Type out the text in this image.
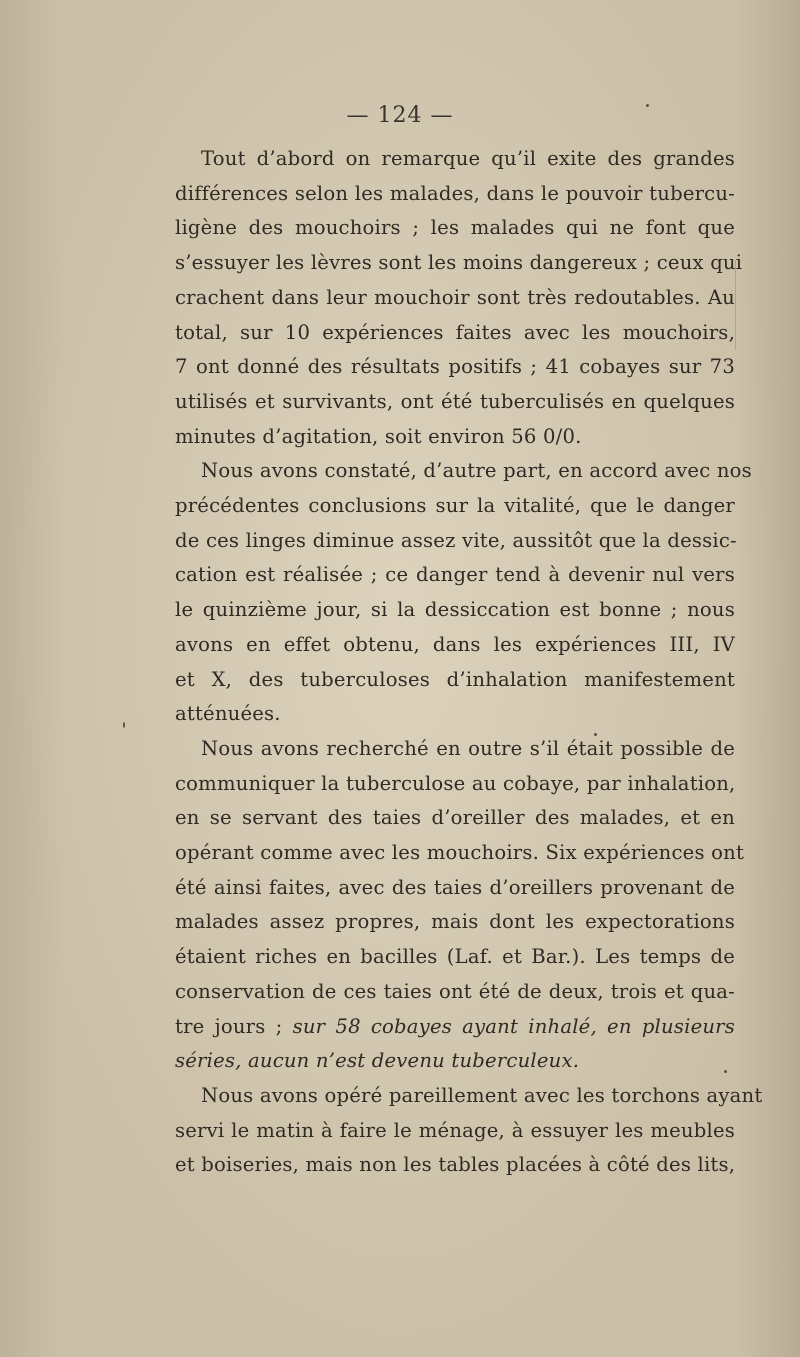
— 124 —
Tout d’abord on remarque qu’il exite des grandes
différences selon les malades, dans le pouvoir tubercu-
ligène des mouchoirs ; les malades qui ne font que
s’essuyer les lèvres sont les moins dangereux ; ceux qui
crachent dans leur mouchoir sont très redoutables. Au
total, sur 10 expériences faites avec les mouchoirs,
7 ont donné des résultats positifs ; 41 cobayes sur 73
utilisés et survivants, ont été tuberculisés en quelques
minutes d’agitation, soit environ 56 0/0.
Nous avons constaté, d’autre part, en accord avec nos
précédentes conclusions sur la vitalité, que le danger
de ces linges diminue assez vite, aussitôt que la dessic-
cation est réalisée ; ce danger tend à devenir nul vers
le quinzième jour, si la dessiccation est bonne ; nous
avons en effet obtenu, dans les expériences III, IV
et X, des tuberculoses d’inhalation manifestement
atténuées.
Nous avons recherché en outre s’il était possible de
communiquer la tuberculose au cobaye, par inhalation,
en se servant des taies d’oreiller des malades, et en
opérant comme avec les mouchoirs. Six expériences ont
été ainsi faites, avec des taies d’oreillers provenant de
malades assez propres, mais dont les expectorations
étaient riches en bacilles (Laf. et Bar.). Les temps de
conservation de ces taies ont été de deux, trois et qua-
tre jours ; sur 58 cobayes ayant inhalé, en plusieurs
séries, aucun n’est devenu tuberculeux.
Nous avons opéré pareillement avec les torchons ayant
servi le matin à faire le ménage, à essuyer les meubles
et boiseries, mais non les tables placées à côté des lits,
